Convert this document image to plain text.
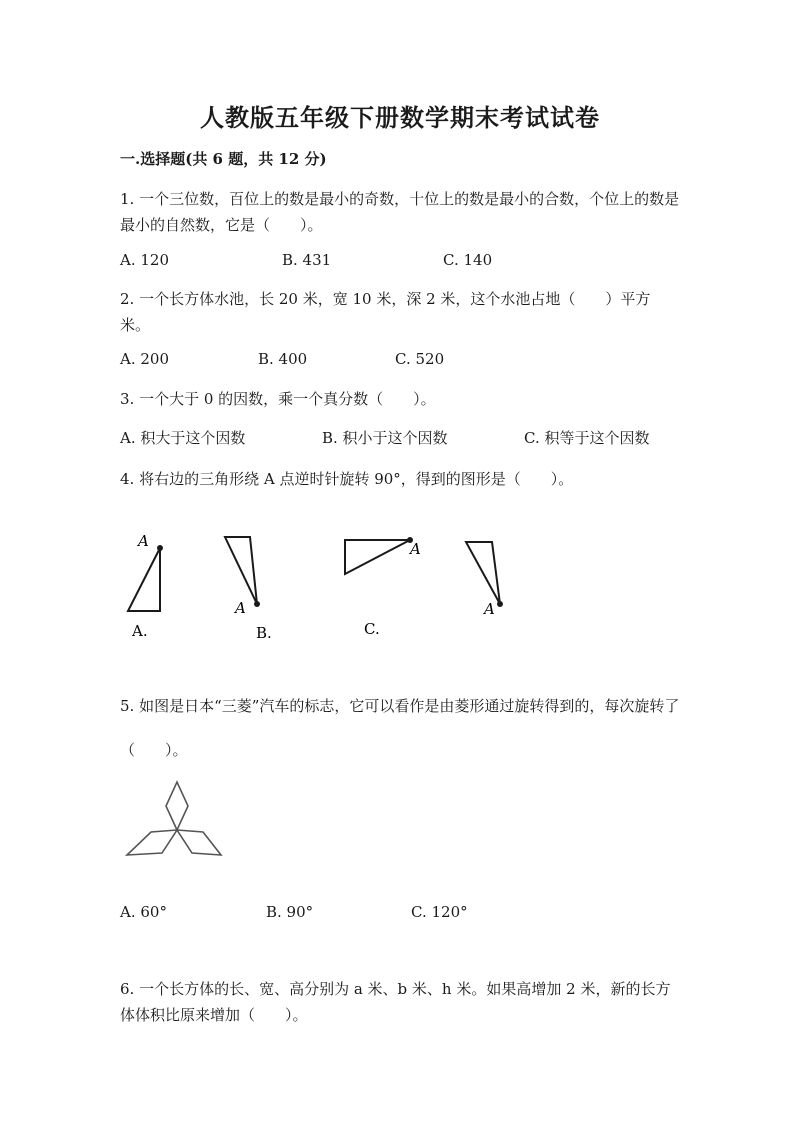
人教版五年级下册数学期末考试试卷
一.选择题(共 6 题，共 12 分)
1. 一个三位数，百位上的数是最小的奇数，十位上的数是最小的合数，个位上的数是最小的自然数，它是（　　）。
A. 120	B. 431	C. 140
2. 一个长方体水池，长 20 米，宽 10 米，深 2 米，这个水池占地（　　）平方米。
A. 200	B. 400	C. 520
3. 一个大于 0 的因数，乘一个真分数（　　）。
A. 积大于这个因数	B. 积小于这个因数	C. 积等于这个因数
4. 将右边的三角形绕 A 点逆时针旋转 90°，得到的图形是（　　）。
A
A.
A
B.
A
C.
A
5. 如图是日本“三菱”汽车的标志，它可以看作是由菱形通过旋转得到的，每次旋转了（　　）。
A. 60°	B. 90°	C. 120°
6. 一个长方体的长、宽、高分别为 a 米、b 米、h 米。如果高增加 2 米，新的长方体体积比原来增加（　　）。
